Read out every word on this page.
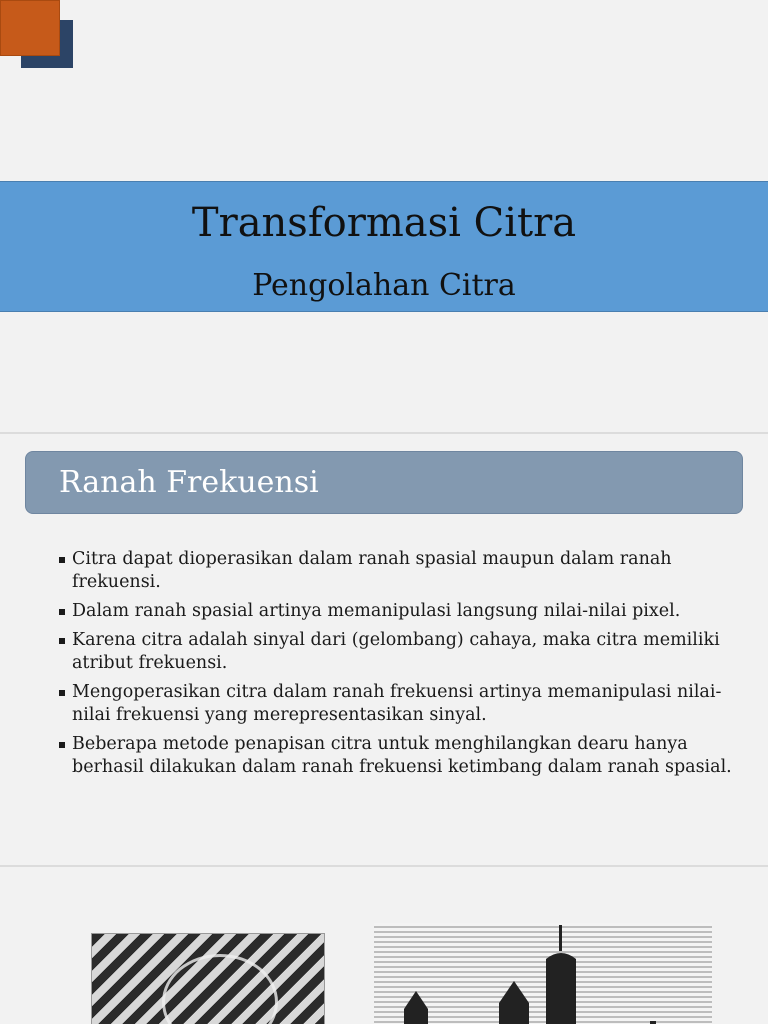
Transformasi Citra
Pengolahan Citra
Ranah Frekuensi
Citra dapat dioperasikan dalam ranah spasial maupun dalam ranah frekuensi.
Dalam ranah spasial artinya memanipulasi langsung nilai-nilai pixel.
Karena citra adalah sinyal dari (gelombang) cahaya, maka citra memiliki atribut frekuensi.
Mengoperasikan citra dalam ranah frekuensi artinya memanipulasi nilai-nilai frekuensi yang merepresentasikan sinyal.
Beberapa metode penapisan citra untuk menghilangkan dearu hanya berhasil dilakukan dalam ranah frekuensi ketimbang dalam ranah spasial.
